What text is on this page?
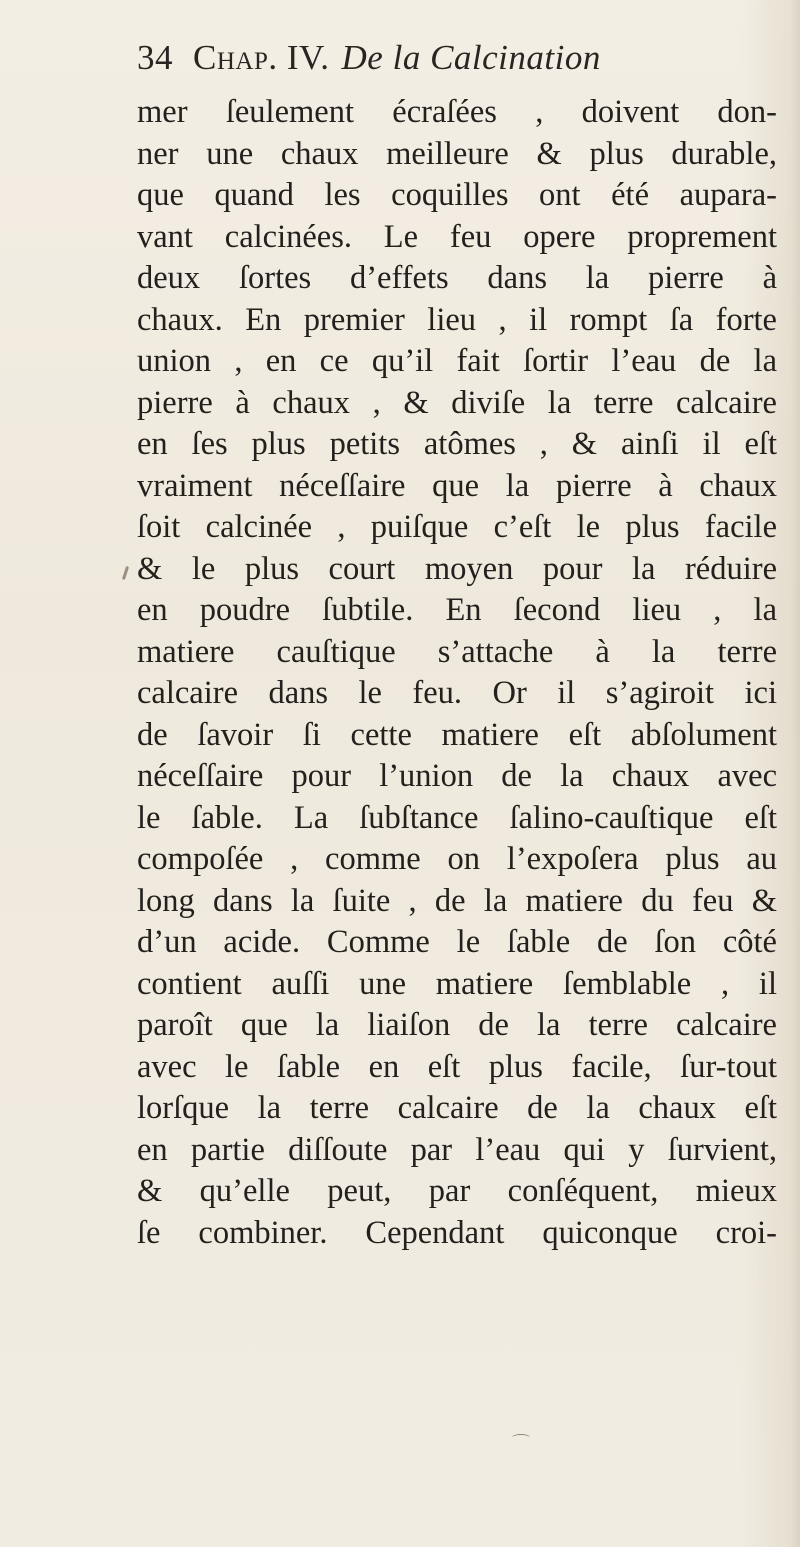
34 Chap. IV. De la Calcination
mer ſeulement écraſées , doivent don-
ner une chaux meilleure & plus durable,
que quand les coquilles ont été aupara-
vant calcinées. Le feu opere proprement
deux ſortes d’effets dans la pierre à
chaux. En premier lieu , il rompt ſa forte
union , en ce qu’il fait ſortir l’eau de la
pierre à chaux , & diviſe la terre calcaire
en ſes plus petits atômes , & ainſi il eſt
vraiment néceſſaire que la pierre à chaux
ſoit calcinée , puiſque c’eſt le plus facile
& le plus court moyen pour la réduire
en poudre ſubtile. En ſecond lieu , la
matiere cauſtique s’attache à la terre
calcaire dans le feu. Or il s’agiroit ici
de ſavoir ſi cette matiere eſt abſolument
néceſſaire pour l’union de la chaux avec
le ſable. La ſubſtance ſalino-cauſtique eſt
compoſée , comme on l’expoſera plus au
long dans la ſuite , de la matiere du feu &
d’un acide. Comme le ſable de ſon côté
contient auſſi une matiere ſemblable , il
paroît que la liaiſon de la terre calcaire
avec le ſable en eſt plus facile, ſur-tout
lorſque la terre calcaire de la chaux eſt
en partie diſſoute par l’eau qui y ſurvient,
& qu’elle peut, par conſéquent, mieux
ſe combiner. Cependant quiconque croi-
